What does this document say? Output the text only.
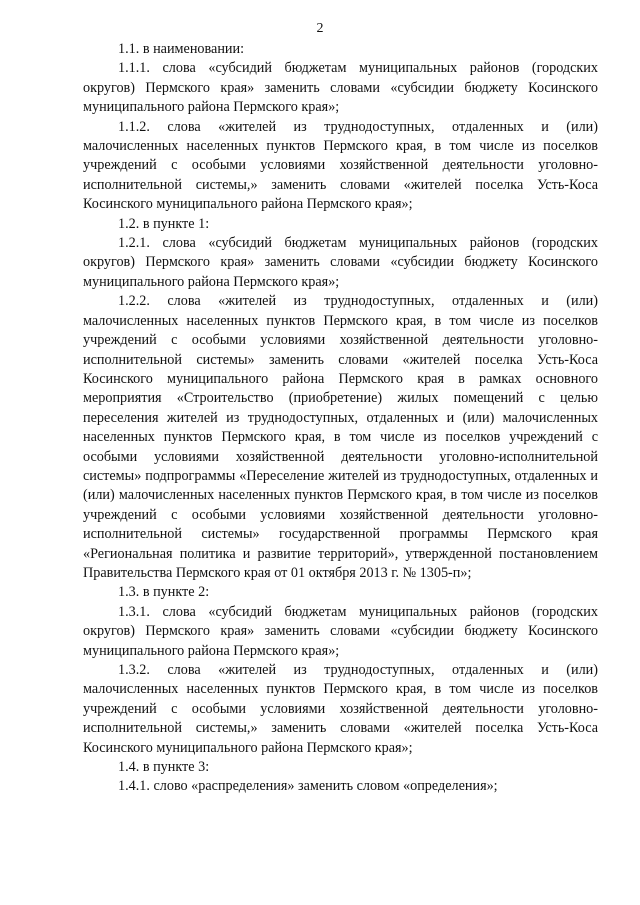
2

1.1. в наименовании:

1.1.1. слова «субсидий бюджетам муниципальных районов (городских округов) Пермского края» заменить словами «субсидии бюджету Косинского муниципального района Пермского края»;

1.1.2. слова «жителей из труднодоступных, отдаленных и (или) малочисленных населенных пунктов Пермского края, в том числе из поселков учреждений с особыми условиями хозяйственной деятельности уголовно-исполнительной системы,» заменить словами «жителей поселка Усть-Коса Косинского муниципального района Пермского края»;

1.2. в пункте 1:

1.2.1. слова «субсидий бюджетам муниципальных районов (городских округов) Пермского края» заменить словами «субсидии бюджету Косинского муниципального района Пермского края»;

1.2.2. слова «жителей из труднодоступных, отдаленных и (или) малочисленных населенных пунктов Пермского края, в том числе из поселков учреждений с особыми условиями хозяйственной деятельности уголовно-исполнительной системы» заменить словами «жителей поселка Усть-Коса Косинского муниципального района Пермского края в рамках основного мероприятия «Строительство (приобретение) жилых помещений с целью переселения жителей из труднодоступных, отдаленных и (или) малочисленных населенных пунктов Пермского края, в том числе из поселков учреждений с особыми условиями хозяйственной деятельности уголовно-исполнительной системы» подпрограммы «Переселение жителей из труднодоступных, отдаленных и (или) малочисленных населенных пунктов Пермского края, в том числе из поселков учреждений с особыми условиями хозяйственной деятельности уголовно-исполнительной системы» государственной программы Пермского края «Региональная политика и развитие территорий», утвержденной постановлением Правительства Пермского края от 01 октября 2013 г. № 1305-п»;

1.3. в пункте 2:

1.3.1. слова «субсидий бюджетам муниципальных районов (городских округов) Пермского края» заменить словами «субсидии бюджету Косинского муниципального района Пермского края»;

1.3.2. слова «жителей из труднодоступных, отдаленных и (или) малочисленных населенных пунктов Пермского края, в том числе из поселков учреждений с особыми условиями хозяйственной деятельности уголовно-исполнительной системы,» заменить словами «жителей поселка Усть-Коса Косинского муниципального района Пермского края»;

1.4. в пункте 3:

1.4.1. слово «распределения» заменить словом «определения»;
